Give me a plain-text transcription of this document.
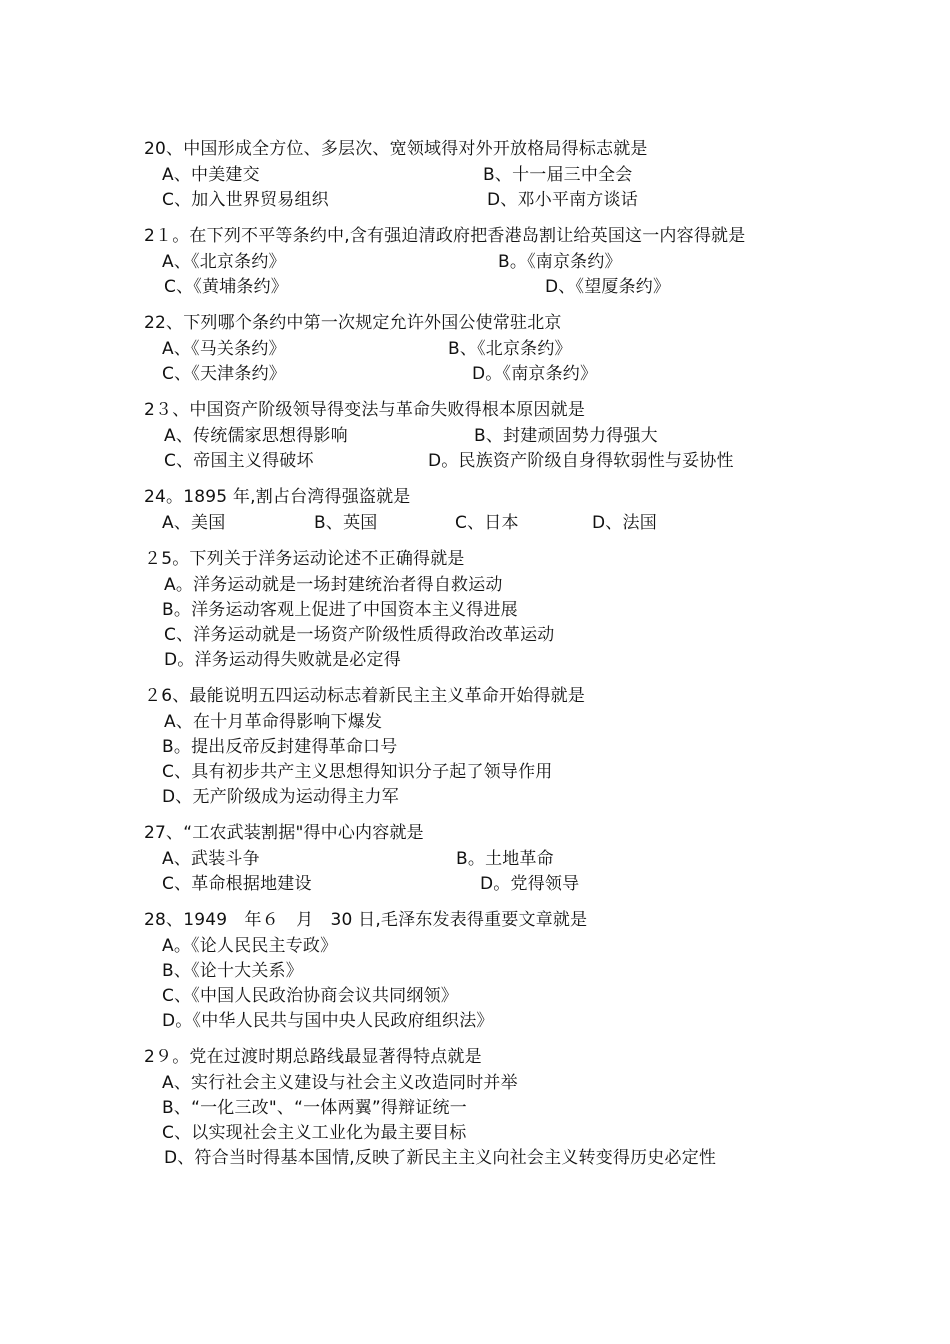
20、中国形成全方位、多层次、宽领域得对外开放格局得标志就是
A、中美建交	B、十一届三中全会
C、加入世界贸易组织	D、邓小平南方谈话
2１。在下列不平等条约中,含有强迫清政府把香港岛割让给英国这一内容得就是
A、《北京条约》	B。《南京条约》
C、《黄埔条约》	D、《望厦条约》
22、下列哪个条约中第一次规定允许外国公使常驻北京
A、《马关条约》	B、《北京条约》
C、《天津条约》	D。《南京条约》
2３、中国资产阶级领导得变法与革命失败得根本原因就是
A、传统儒家思想得影响	B、封建顽固势力得强大
C、帝国主义得破坏	D。民族资产阶级自身得软弱性与妥协性
24。1895 年,割占台湾得强盗就是
A、美国	B、英国	C、日本	D、法国
２5。下列关于洋务运动论述不正确得就是
A。洋务运动就是一场封建统治者得自救运动
B。洋务运动客观上促进了中国资本主义得进展
C、洋务运动就是一场资产阶级性质得政治改革运动
D。洋务运动得失败就是必定得
２6、最能说明五四运动标志着新民主主义革命开始得就是
A、在十月革命得影响下爆发
B。提出反帝反封建得革命口号
C、具有初步共产主义思想得知识分子起了领导作用
D、无产阶级成为运动得主力军
27、“工农武装割据"得中心内容就是
A、武装斗争	B。土地革命
C、革命根据地建设	D。党得领导
28、1949　年６　月　30 日,毛泽东发表得重要文章就是
A。《论人民民主专政》
B、《论十大关系》
C、《中国人民政治协商会议共同纲领》
D。《中华人民共与国中央人民政府组织法》
2９。党在过渡时期总路线最显著得特点就是
A、实行社会主义建设与社会主义改造同时并举
B、“一化三改"、“一体两翼”得辩证统一
C、以实现社会主义工业化为最主要目标
D、符合当时得基本国情,反映了新民主主义向社会主义转变得历史必定性
